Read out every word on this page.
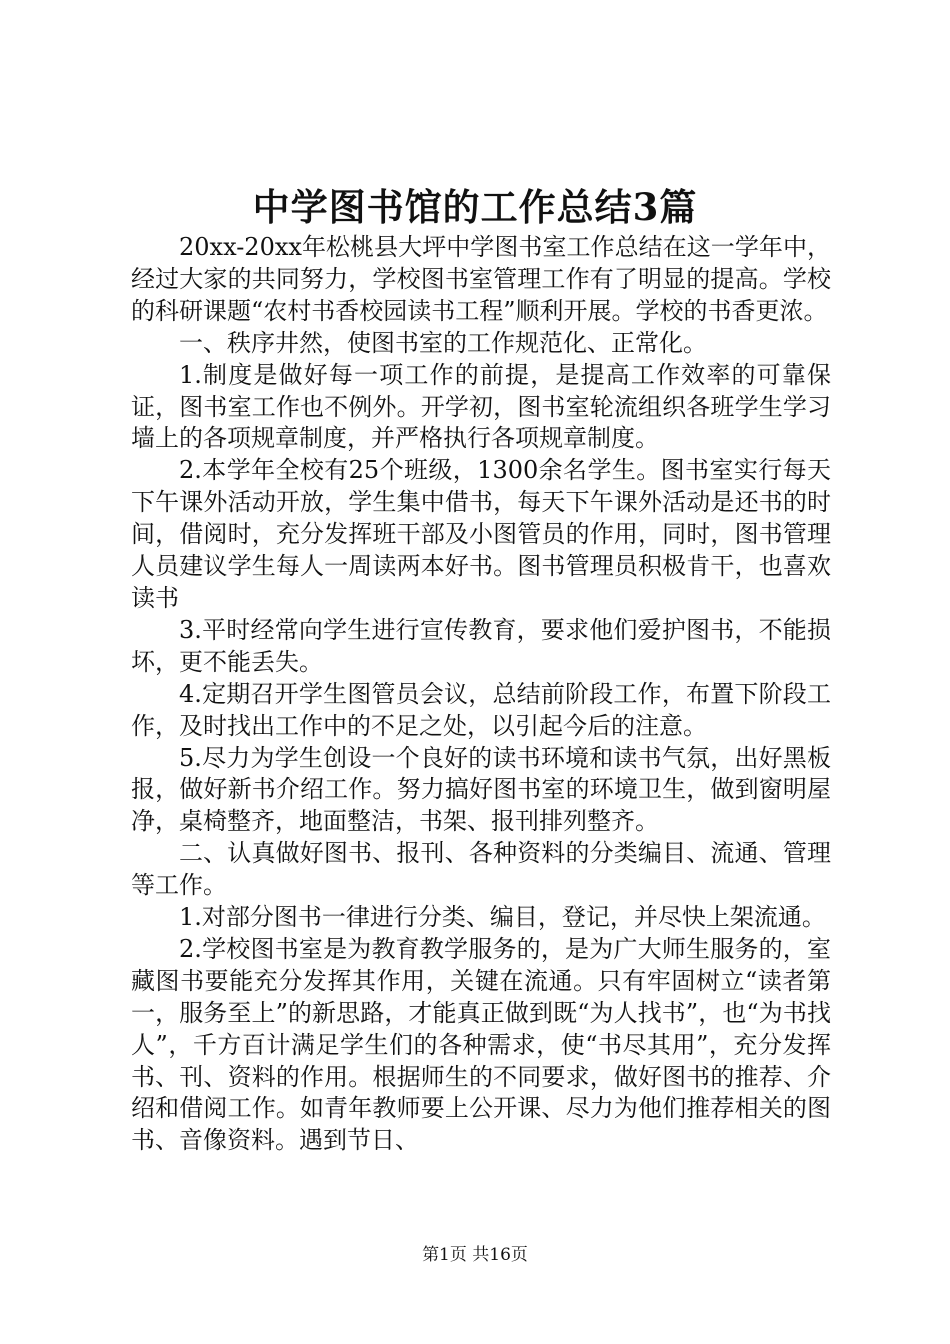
中学图书馆的工作总结3篇

20xx-20xx年松桃县大坪中学图书室工作总结在这一学年中，经过大家的共同努力，学校图书室管理工作有了明显的提高。学校的科研课题“农村书香校园读书工程”顺利开展。学校的书香更浓。

一、秩序井然，使图书室的工作规范化、正常化。

1.制度是做好每一项工作的前提，是提高工作效率的可靠保证，图书室工作也不例外。开学初，图书室轮流组织各班学生学习墙上的各项规章制度，并严格执行各项规章制度。

2.本学年全校有25个班级，1300余名学生。图书室实行每天下午课外活动开放，学生集中借书，每天下午课外活动是还书的时间，借阅时，充分发挥班干部及小图管员的作用，同时，图书管理人员建议学生每人一周读两本好书。图书管理员积极肯干，也喜欢读书

3.平时经常向学生进行宣传教育，要求他们爱护图书，不能损坏，更不能丢失。

4.定期召开学生图管员会议，总结前阶段工作，布置下阶段工作，及时找出工作中的不足之处，以引起今后的注意。

5.尽力为学生创设一个良好的读书环境和读书气氛，出好黑板报，做好新书介绍工作。努力搞好图书室的环境卫生，做到窗明屋净，桌椅整齐，地面整洁，书架、报刊排列整齐。

二、认真做好图书、报刊、各种资料的分类编目、流通、管理等工作。

1.对部分图书一律进行分类、编目，登记，并尽快上架流通。

2.学校图书室是为教育教学服务的，是为广大师生服务的，室藏图书要能充分发挥其作用，关键在流通。只有牢固树立“读者第一，服务至上”的新思路，才能真正做到既“为人找书”，也“为书找人”，千方百计满足学生们的各种需求，使“书尽其用”，充分发挥书、刊、资料的作用。根据师生的不同要求，做好图书的推荐、介绍和借阅工作。如青年教师要上公开课、尽力为他们推荐相关的图书、音像资料。遇到节日、

第1页 共16页
